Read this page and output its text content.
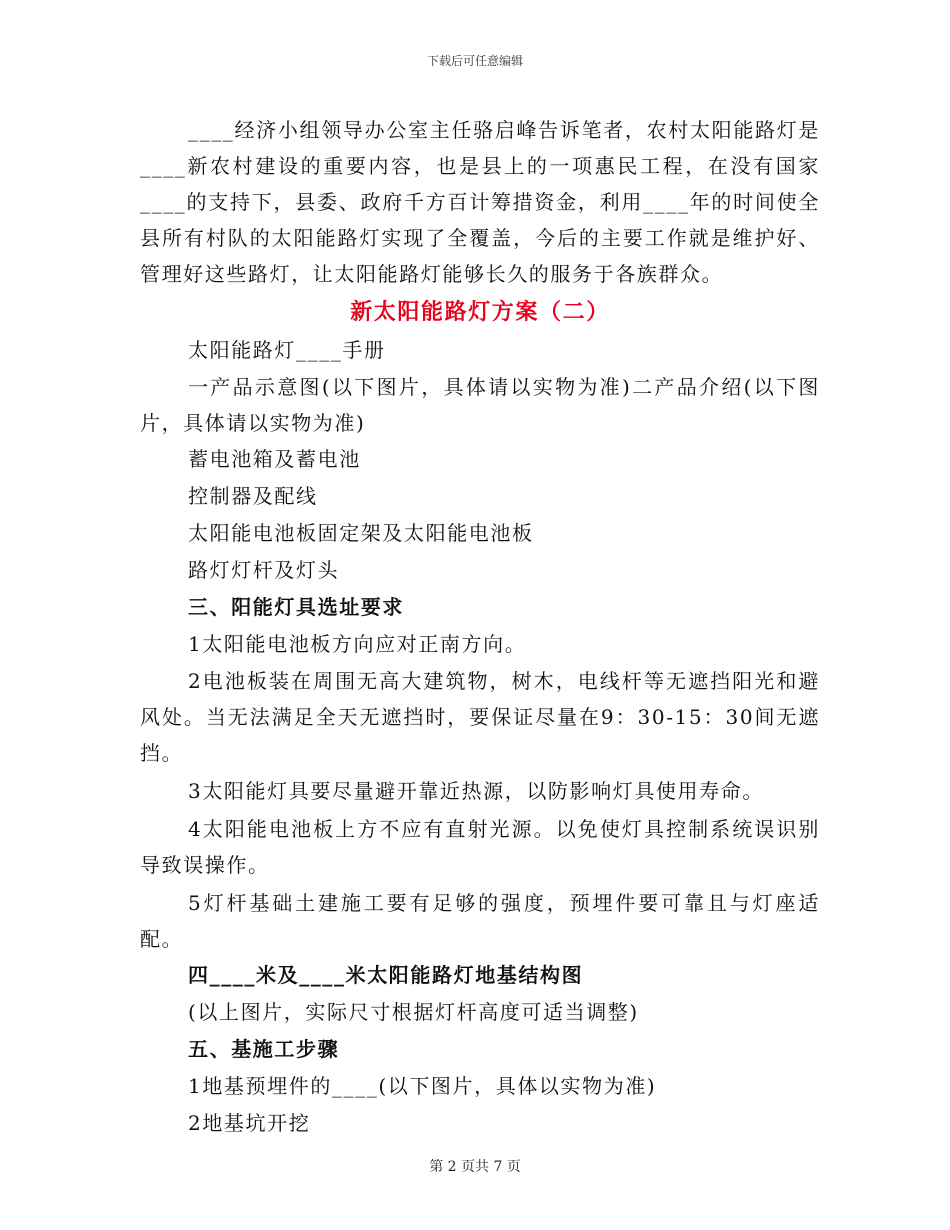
下载后可任意编辑

____经济小组领导办公室主任骆启峰告诉笔者，农村太阳能路灯是____新农村建设的重要内容，也是县上的一项惠民工程，在没有国家____的支持下，县委、政府千方百计筹措资金，利用____年的时间使全县所有村队的太阳能路灯实现了全覆盖，今后的主要工作就是维护好、管理好这些路灯，让太阳能路灯能够长久的服务于各族群众。

新太阳能路灯方案（二）

太阳能路灯____手册

一产品示意图(以下图片，具体请以实物为准)二产品介绍(以下图片，具体请以实物为准)

蓄电池箱及蓄电池

控制器及配线

太阳能电池板固定架及太阳能电池板

路灯灯杆及灯头

三、阳能灯具选址要求

1太阳能电池板方向应对正南方向。

2电池板装在周围无高大建筑物，树木，电线杆等无遮挡阳光和避风处。当无法满足全天无遮挡时，要保证尽量在9：30-15：30间无遮挡。

3太阳能灯具要尽量避开靠近热源，以防影响灯具使用寿命。

4太阳能电池板上方不应有直射光源。以免使灯具控制系统误识别导致误操作。

5灯杆基础土建施工要有足够的强度，预埋件要可靠且与灯座适配。

四____米及____米太阳能路灯地基结构图

(以上图片，实际尺寸根据灯杆高度可适当调整)

五、基施工步骤

1地基预埋件的____(以下图片，具体以实物为准)

2地基坑开挖

第 2 页共 7 页
